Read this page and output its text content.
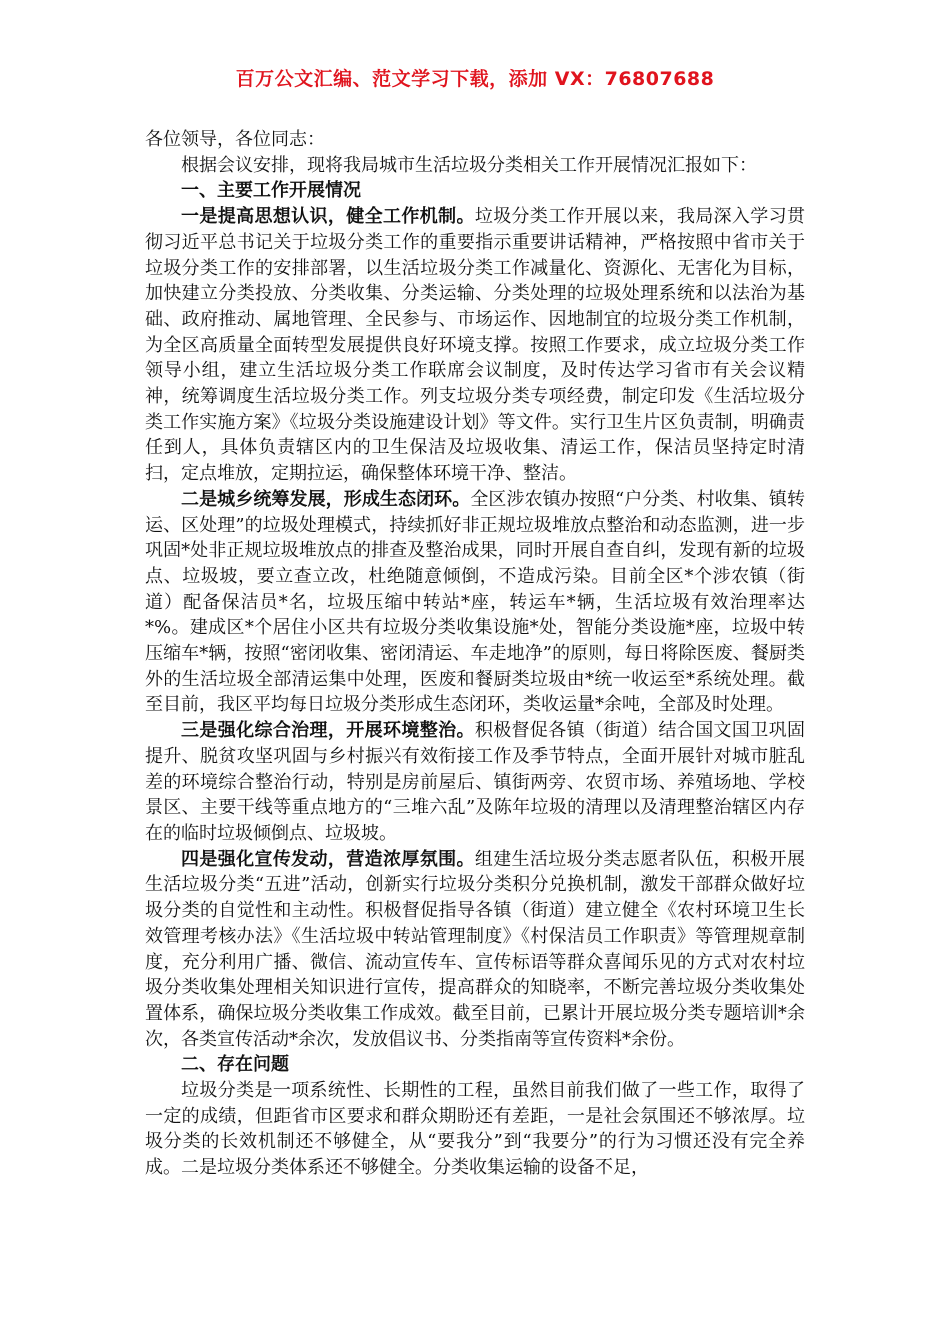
百万公文汇编、范文学习下载，添加 VX：76807688

各位领导，各位同志：

根据会议安排，现将我局城市生活垃圾分类相关工作开展情况汇报如下：

一、主要工作开展情况

一是提高思想认识，健全工作机制。垃圾分类工作开展以来，我局深入学习贯彻习近平总书记关于垃圾分类工作的重要指示重要讲话精神，严格按照中省市关于垃圾分类工作的安排部署，以生活垃圾分类工作减量化、资源化、无害化为目标，加快建立分类投放、分类收集、分类运输、分类处理的垃圾处理系统和以法治为基础、政府推动、属地管理、全民参与、市场运作、因地制宜的垃圾分类工作机制，为全区高质量全面转型发展提供良好环境支撑。按照工作要求，成立垃圾分类工作领导小组，建立生活垃圾分类工作联席会议制度，及时传达学习省市有关会议精神，统筹调度生活垃圾分类工作。列支垃圾分类专项经费，制定印发《生活垃圾分类工作实施方案》《垃圾分类设施建设计划》等文件。实行卫生片区负责制，明确责任到人，具体负责辖区内的卫生保洁及垃圾收集、清运工作，保洁员坚持定时清扫，定点堆放，定期拉运，确保整体环境干净、整洁。

二是城乡统筹发展，形成生态闭环。全区涉农镇办按照“户分类、村收集、镇转运、区处理”的垃圾处理模式，持续抓好非正规垃圾堆放点整治和动态监测，进一步巩固*处非正规垃圾堆放点的排查及整治成果，同时开展自查自纠，发现有新的垃圾点、垃圾坡，要立查立改，杜绝随意倾倒，不造成污染。目前全区*个涉农镇（街道）配备保洁员*名，垃圾压缩中转站*座，转运车*辆，生活垃圾有效治理率达*%。建成区*个居住小区共有垃圾分类收集设施*处，智能分类设施*座，垃圾中转压缩车*辆，按照“密闭收集、密闭清运、车走地净”的原则，每日将除医废、餐厨类外的生活垃圾全部清运集中处理，医废和餐厨类垃圾由*统一收运至*系统处理。截至目前，我区平均每日垃圾分类形成生态闭环，类收运量*余吨，全部及时处理。

三是强化综合治理，开展环境整治。积极督促各镇（街道）结合国文国卫巩固提升、脱贫攻坚巩固与乡村振兴有效衔接工作及季节特点，全面开展针对城市脏乱差的环境综合整治行动，特别是房前屋后、镇街两旁、农贸市场、养殖场地、学校景区、主要干线等重点地方的“三堆六乱”及陈年垃圾的清理以及清理整治辖区内存在的临时垃圾倾倒点、垃圾坡。

四是强化宣传发动，营造浓厚氛围。组建生活垃圾分类志愿者队伍，积极开展生活垃圾分类“五进”活动，创新实行垃圾分类积分兑换机制，激发干部群众做好垃圾分类的自觉性和主动性。积极督促指导各镇（街道）建立健全《农村环境卫生长效管理考核办法》《生活垃圾中转站管理制度》《村保洁员工作职责》等管理规章制度，充分利用广播、微信、流动宣传车、宣传标语等群众喜闻乐见的方式对农村垃圾分类收集处理相关知识进行宣传，提高群众的知晓率，不断完善垃圾分类收集处置体系，确保垃圾分类收集工作成效。截至目前，已累计开展垃圾分类专题培训*余次，各类宣传活动*余次，发放倡议书、分类指南等宣传资料*余份。

二、存在问题

垃圾分类是一项系统性、长期性的工程，虽然目前我们做了一些工作，取得了一定的成绩，但距省市区要求和群众期盼还有差距，一是社会氛围还不够浓厚。垃圾分类的长效机制还不够健全，从“要我分”到“我要分”的行为习惯还没有完全养成。二是垃圾分类体系还不够健全。分类收集运输的设备不足，
